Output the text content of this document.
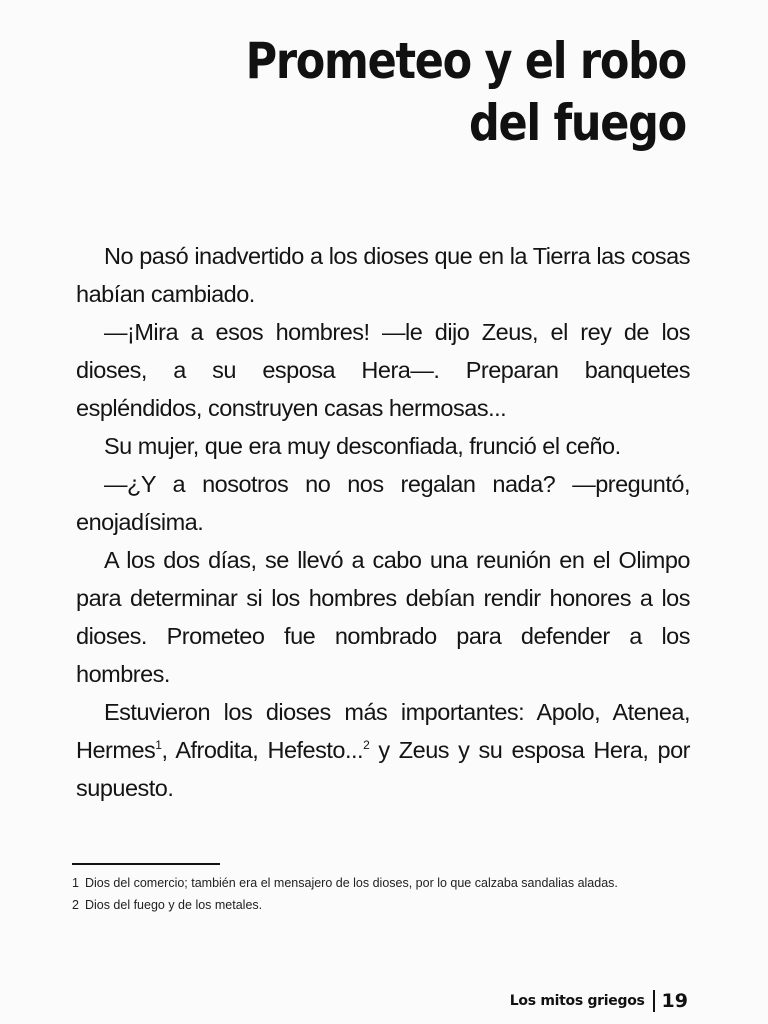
Prometeo y el robo
del fuego

No pasó inadvertido a los dioses que en la Tierra las cosas habían cambiado.

—¡Mira a esos hombres! —le dijo Zeus, el rey de los dioses, a su esposa Hera—. Preparan banquetes espléndidos, construyen casas hermosas...

Su mujer, que era muy desconfiada, frunció el ceño.

—¿Y a nosotros no nos regalan nada? —preguntó, enojadísima.

A los dos días, se llevó a cabo una reunión en el Olimpo para determinar si los hombres debían rendir honores a los dioses. Prometeo fue nombrado para defender a los hombres.

Estuvieron los dioses más importantes: Apolo, Atenea, Hermes$^1$, Afrodita, Hefesto...$^2$ y Zeus y su esposa Hera, por supuesto.

1 Dios del comercio; también era el mensajero de los dioses, por lo que calzaba sandalias aladas.

2 Dios del fuego y de los metales.

Los mitos griegos 19
